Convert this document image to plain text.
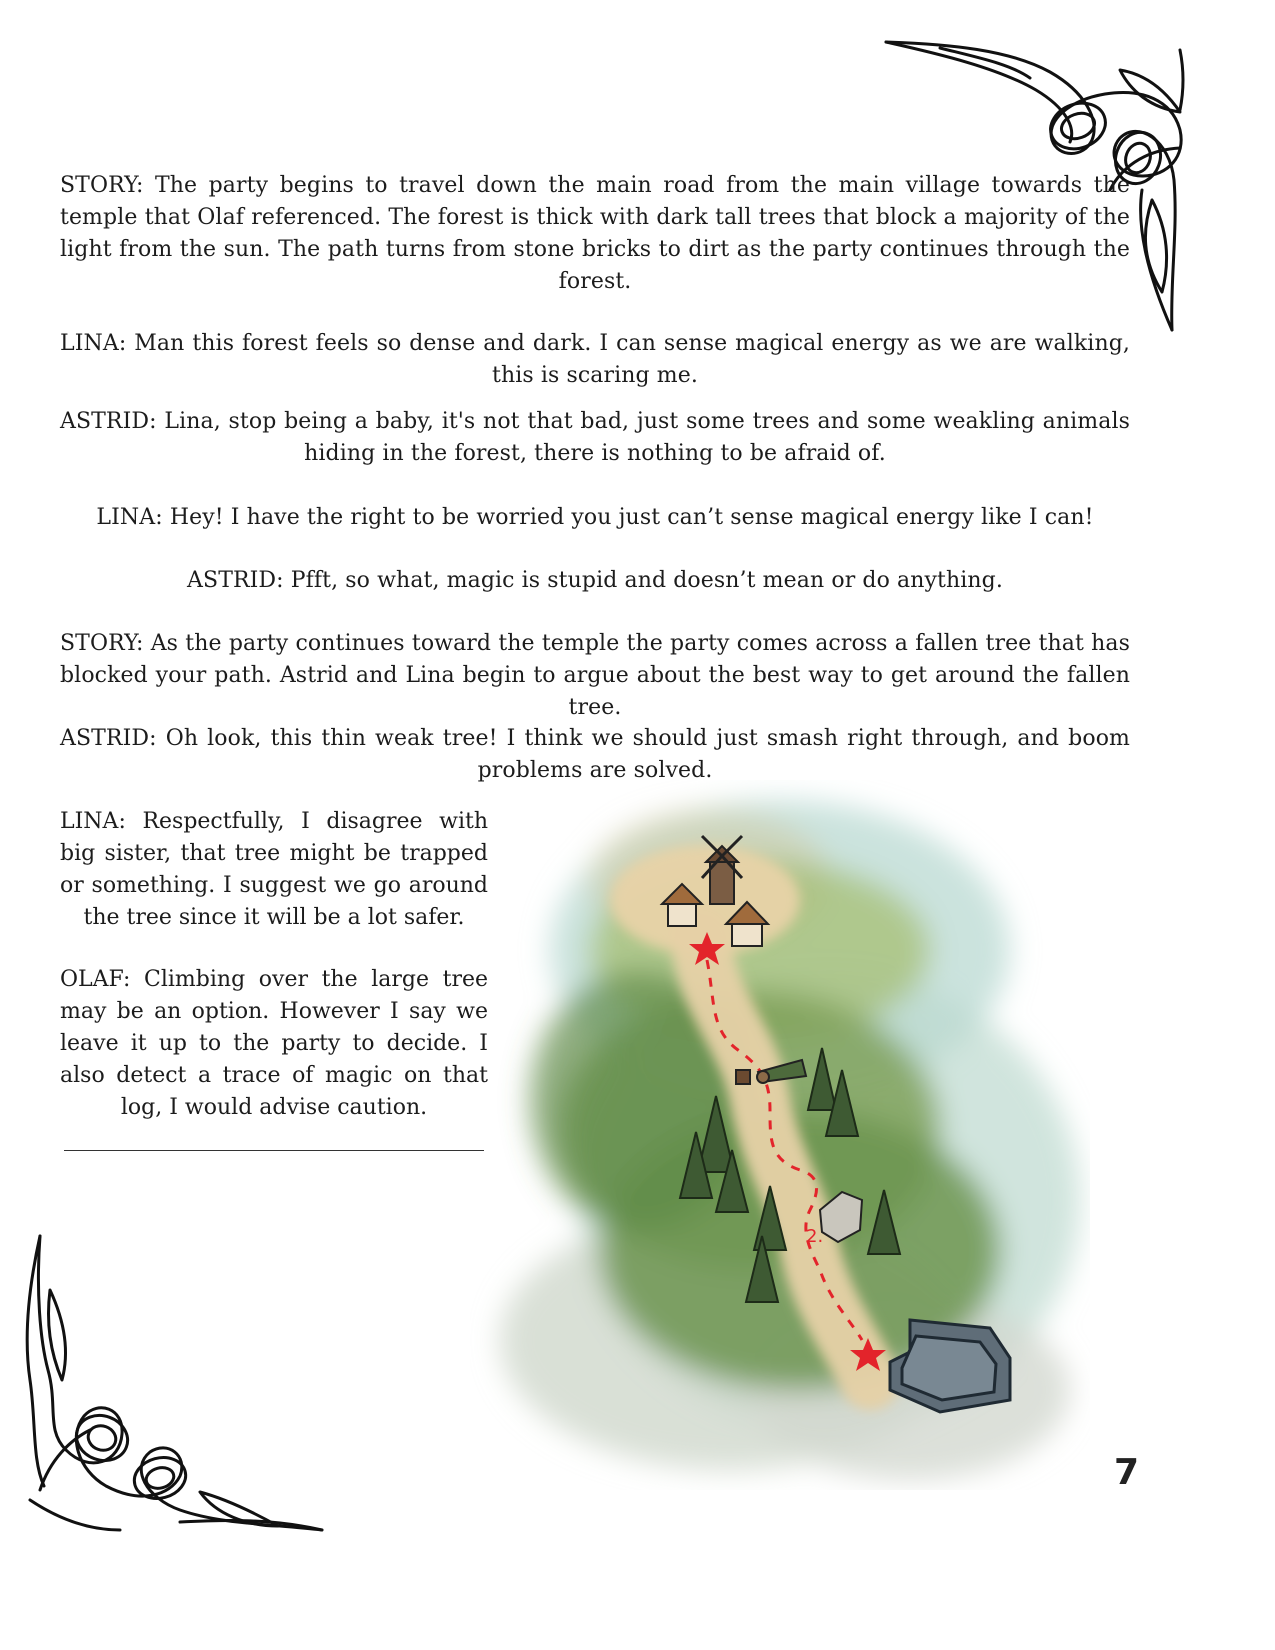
STORY: The party begins to travel down the main road from the main village towards the temple that Olaf referenced. The forest is thick with dark tall trees that block a majority of the light from the sun. The path turns from stone bricks to dirt as the party continues through the forest.

LINA: Man this forest feels so dense and dark. I can sense magical energy as we are walking, this is scaring me.

ASTRID: Lina, stop being a baby, it's not that bad, just some trees and some weakling animals hiding in the forest, there is nothing to be afraid of.

LINA: Hey! I have the right to be worried you just can’t sense magical energy like I can!

ASTRID: Pfft, so what, magic is stupid and doesn’t mean or do anything.

STORY: As the party continues toward the temple the party comes across a fallen tree that has blocked your path. Astrid and Lina begin to argue about the best way to get around the fallen tree.

ASTRID: Oh look, this thin weak tree! I think we should just smash right through, and boom problems are solved.

LINA: Respectfully, I disagree with big sister, that tree might be trapped or something. I suggest we go around the tree since it will be a lot safer.

OLAF: Climbing over the large tree may be an option. However I say we leave it up to the party to decide. I also detect a trace of magic on that log, I would advise caution.

2.
7
